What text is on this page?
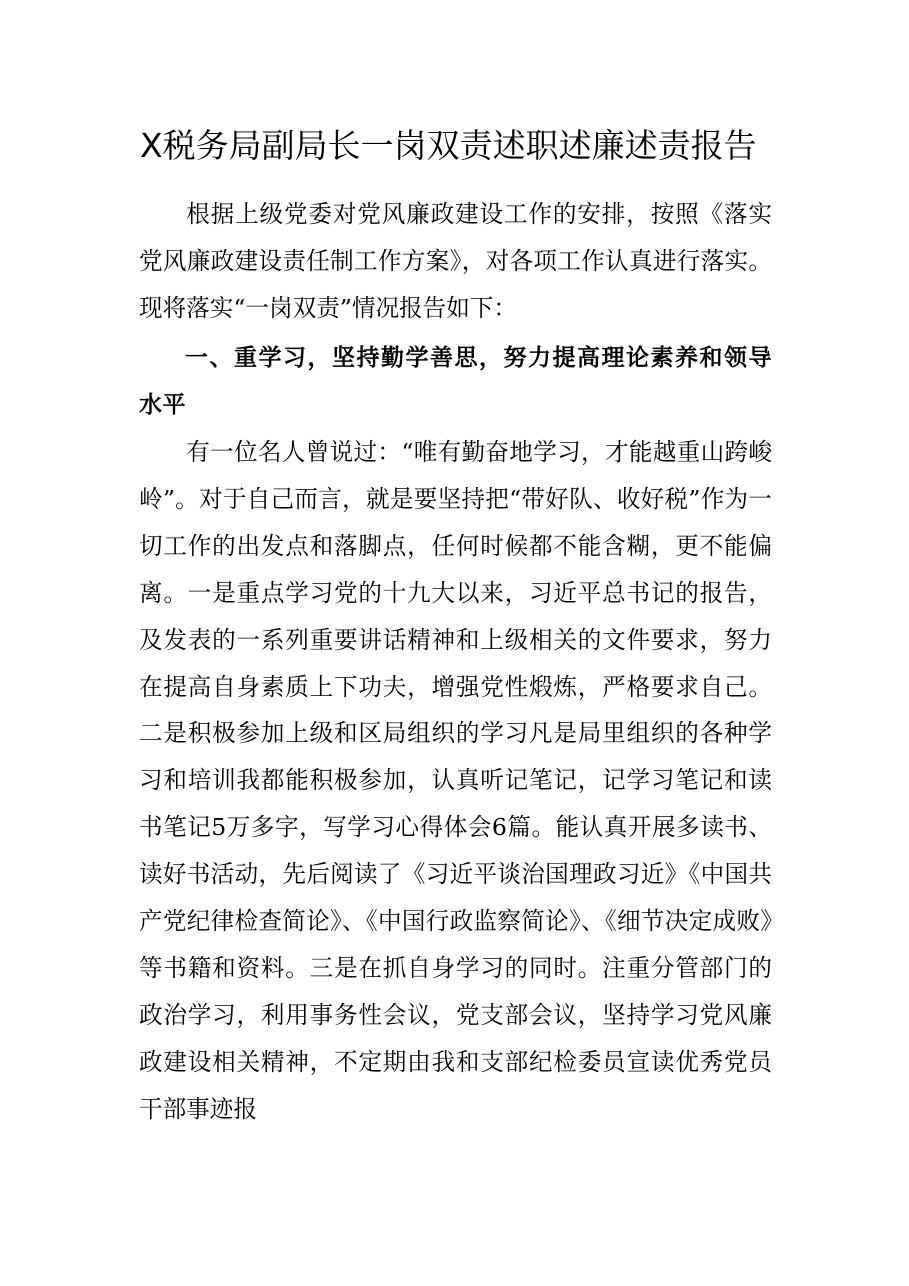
X税务局副局长一岗双责述职述廉述责报告

根据上级党委对党风廉政建设工作的安排，按照《落实党风廉政建设责任制工作方案》，对各项工作认真进行落实。现将落实“一岗双责”情况报告如下：

一、重学习，坚持勤学善思，努力提高理论素养和领导水平

有一位名人曾说过：“唯有勤奋地学习，才能越重山跨峻岭”。对于自己而言，就是要坚持把“带好队、收好税”作为一切工作的出发点和落脚点，任何时候都不能含糊，更不能偏离。一是重点学习党的十九大以来，习近平总书记的报告，及发表的一系列重要讲话精神和上级相关的文件要求，努力在提高自身素质上下功夫，增强党性煅炼，严格要求自己。二是积极参加上级和区局组织的学习凡是局里组织的各种学习和培训我都能积极参加，认真听记笔记，记学习笔记和读书笔记5万多字，写学习心得体会6篇。能认真开展多读书、读好书活动，先后阅读了《习近平谈治国理政习近》《中国共产党纪律检查简论》、《中国行政监察简论》、《细节决定成败》等书籍和资料。三是在抓自身学习的同时。注重分管部门的政治学习，利用事务性会议，党支部会议，坚持学习党风廉政建设相关精神，不定期由我和支部纪检委员宣读优秀党员干部事迹报
